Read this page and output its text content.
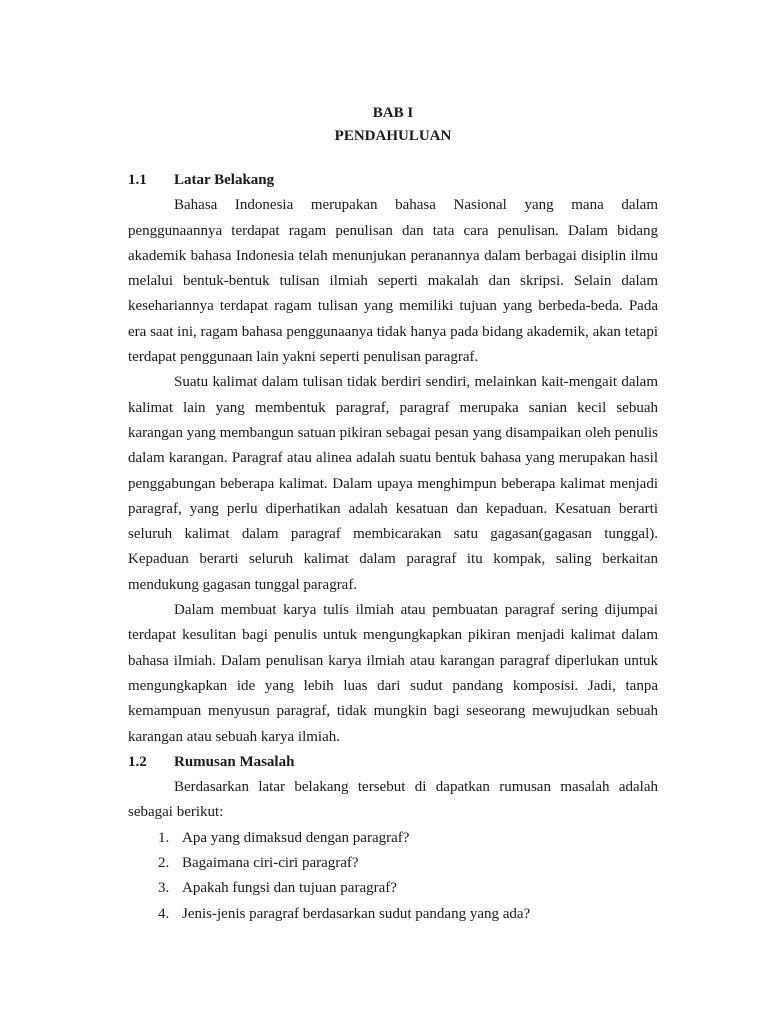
BAB I
PENDAHULUAN
1.1	Latar Belakang

Bahasa Indonesia merupakan bahasa Nasional yang mana dalam penggunaannya terdapat ragam penulisan dan tata cara penulisan. Dalam bidang akademik bahasa Indonesia telah menunjukan peranannya dalam berbagai disiplin ilmu melalui bentuk-bentuk tulisan ilmiah seperti makalah dan skripsi. Selain dalam kesehariannya terdapat ragam tulisan yang memiliki tujuan yang berbeda-beda. Pada era saat ini, ragam bahasa penggunaanya tidak hanya pada bidang akademik, akan tetapi terdapat penggunaan lain yakni seperti penulisan paragraf.

Suatu kalimat dalam tulisan tidak berdiri sendiri, melainkan kait-mengait dalam kalimat lain yang membentuk paragraf, paragraf merupaka sanian kecil sebuah karangan yang membangun satuan pikiran sebagai pesan yang disampaikan oleh penulis dalam karangan. Paragraf atau alinea adalah suatu bentuk bahasa yang merupakan hasil penggabungan beberapa kalimat. Dalam upaya menghimpun beberapa kalimat menjadi paragraf, yang perlu diperhatikan adalah kesatuan dan kepaduan. Kesatuan berarti seluruh kalimat dalam paragraf membicarakan satu gagasan(gagasan tunggal). Kepaduan berarti seluruh kalimat dalam paragraf itu kompak, saling berkaitan mendukung gagasan tunggal paragraf.

Dalam membuat karya tulis ilmiah atau pembuatan paragraf sering dijumpai terdapat kesulitan bagi penulis untuk mengungkapkan pikiran menjadi kalimat dalam bahasa ilmiah. Dalam penulisan karya ilmiah atau karangan paragraf diperlukan untuk mengungkapkan ide yang lebih luas dari sudut pandang komposisi. Jadi, tanpa kemampuan menyusun paragraf, tidak mungkin bagi seseorang mewujudkan sebuah karangan atau sebuah karya ilmiah.

1.2	Rumusan Masalah

Berdasarkan latar belakang tersebut di dapatkan rumusan masalah adalah sebagai berikut:

1. Apa yang dimaksud dengan paragraf?
2. Bagaimana ciri-ciri paragraf?
3. Apakah fungsi dan tujuan paragraf?
4. Jenis-jenis paragraf berdasarkan sudut pandang yang ada?
